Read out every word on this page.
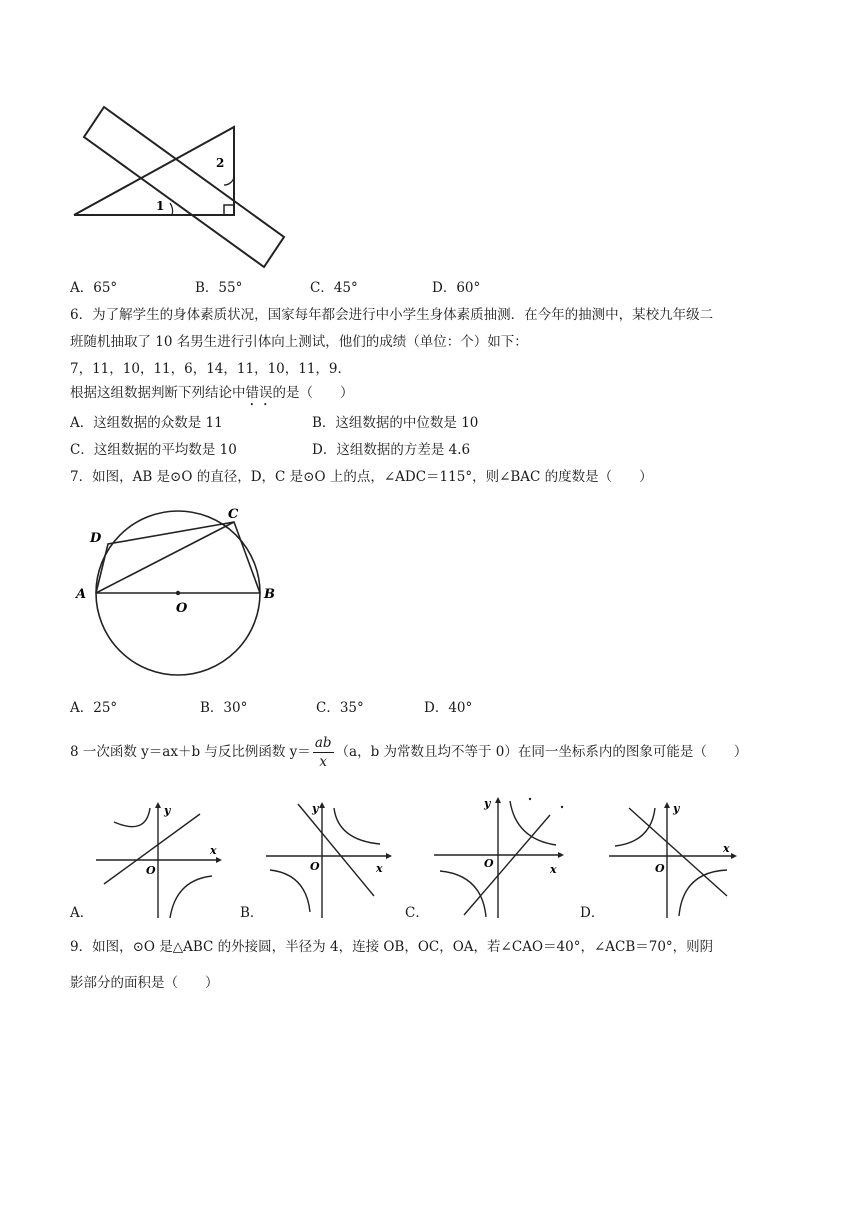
1
2
A．65°	B．55°	C．45°	D．60°
6．为了解学生的身体素质状况，国家每年都会进行中小学生身体素质抽测．在今年的抽测中，某校九年级二
班随机抽取了 10 名男生进行引体向上测试，他们的成绩（单位：个）如下：
7，11，10，11，6，14，11，10，11，9．
根据这组数据判断下列结论中错误的是（　　）
A．这组数据的众数是 11	B．这组数据的中位数是 10
C．这组数据的平均数是 10	D．这组数据的方差是 4.6
7．如图，AB 是⊙O 的直径，D，C 是⊙O 上的点，∠ADC＝115°，则∠BAC 的度数是（　　）
A	B
C
D
O
A．25°	B．30°	C．35°	D．40°
8 一次函数 y＝ax＋b 与反比例函数 $y= \frac{ab}{x} (a$，b 为常数且均不等于 0）在同一坐标系内的图象可能是（　　）
x
y
O
A．
x
y
O
B．
x
y
O
C．
x
y
O
D．
9．如图，⊙O 是△ABC 的外接圆，半径为 4，连接 OB，OC，OA，若∠CAO＝40°，∠ACB＝70°，则阴
影部分的面积是（　　）
